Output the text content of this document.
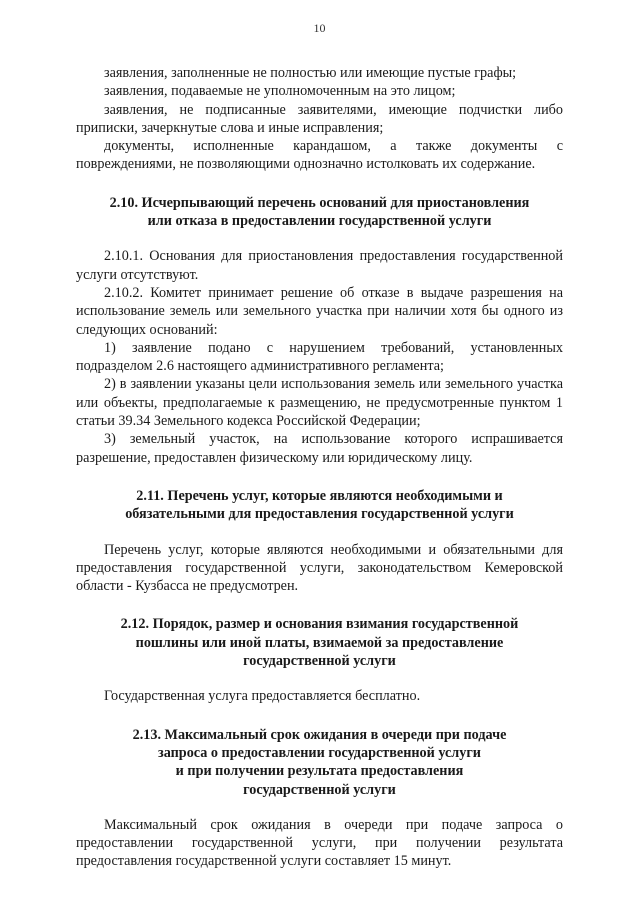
10

заявления, заполненные не полностью или имеющие пустые графы;

заявления, подаваемые не уполномоченным на это лицом;

заявления, не подписанные заявителями, имеющие подчистки либо приписки, зачеркнутые слова и иные исправления;

документы, исполненные карандашом, а также документы с повреждениями, не позволяющими однозначно истолковать их содержание.

2.10. Исчерпывающий перечень оснований для приостановления
или отказа в предоставлении государственной услуги

2.10.1. Основания для приостановления предоставления государственной услуги отсутствуют.

2.10.2. Комитет принимает решение об отказе в выдаче разрешения на использование земель или земельного участка при наличии хотя бы одного из следующих оснований:

1) заявление подано с нарушением требований, установленных подразделом 2.6 настоящего административного регламента;

2) в заявлении указаны цели использования земель или земельного участка или объекты, предполагаемые к размещению, не предусмотренные пунктом 1 статьи 39.34 Земельного кодекса Российской Федерации;

3) земельный участок, на использование которого испрашивается разрешение, предоставлен физическому или юридическому лицу.

2.11. Перечень услуг, которые являются необходимыми и
обязательными для предоставления государственной услуги

Перечень услуг, которые являются необходимыми и обязательными для предоставления государственной услуги, законодательством Кемеровской области - Кузбасса не предусмотрен.

2.12. Порядок, размер и основания взимания государственной
пошлины или иной платы, взимаемой за предоставление
государственной услуги

Государственная услуга предоставляется бесплатно.

2.13. Максимальный срок ожидания в очереди при подаче
запроса о предоставлении государственной услуги
и при получении результата предоставления
государственной услуги

Максимальный срок ожидания в очереди при подаче запроса о предоставлении государственной услуги, при получении результата предоставления государственной услуги составляет 15 минут.
